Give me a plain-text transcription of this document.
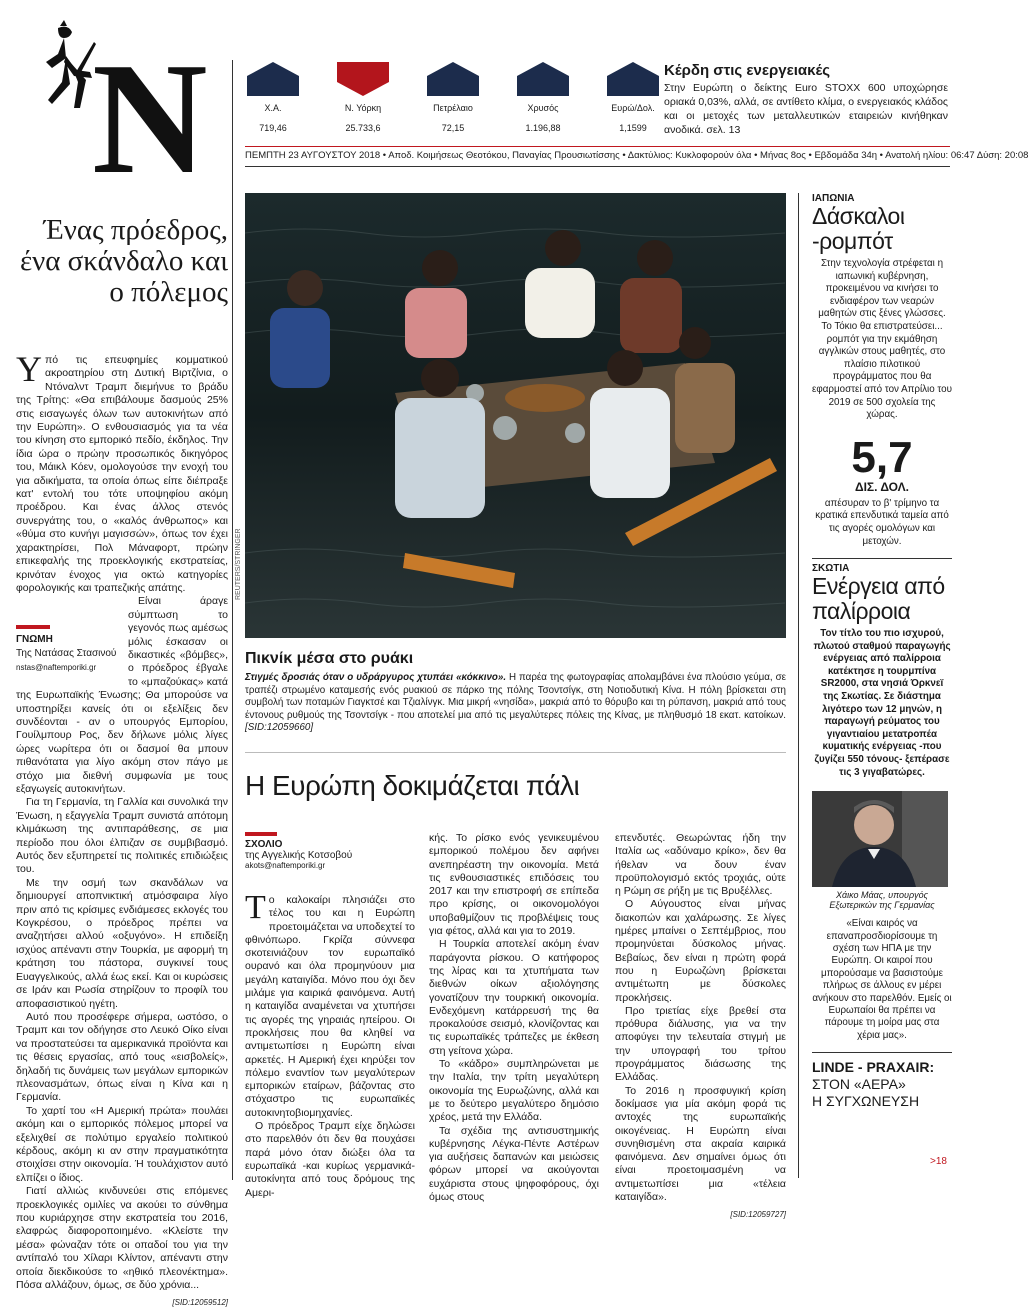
N	Χ.Α.
719,46
Ν. Υόρκη
25.733,6
Πετρέλαιο
72,15
Χρυσός
1.196,88
Ευρώ/Δολ.
1,1599
Κέρδη στις ενεργειακές

Στην Ευρώπη ο δείκτης Euro STOXX 600 υποχώρησε οριακά 0,03%, αλλά, σε αντίθετο κλίμα, ο ενεργειακός κλάδος και οι μετοχές των μεταλλευτικών εταιρειών κινήθηκαν ανοδικά. σελ. 13

ΠΕΜΠΤΗ 23 ΑΥΓΟΥΣΤΟΥ 2018 • Αποδ. Κοιμήσεως Θεοτόκου, Παναγίας Προυσιωτίσσης • Δακτύλιος: Κυκλοφορούν όλα • Μήνας 8ος • Εβδομάδα 34η • Ανατολή ηλίου: 06:47 Δύση: 20:08
Ένας πρόεδρος, ένα σκάνδαλο και ο πόλεμος

Υπό τις επευφημίες κομματικού ακροατηρίου στη Δυτική Βιρτζίνια, ο Ντόναλντ Τραμπ διεμήνυε το βράδυ της Τρίτης: «Θα επιβάλουμε δασμούς 25% στις εισαγωγές όλων των αυτοκινήτων από την Ευρώπη». Ο ενθουσιασμός για τα νέα του κίνηση στο εμπορικό πεδίο, έκδηλος. Την ίδια ώρα ο πρώην προσωπικός δικηγόρος του, Μάικλ Κόεν, ομολογούσε την ενοχή του για αδικήματα, τα οποία όπως είπε διέπραξε κατ' εντολή του τότε υποψηφίου ακόμη προέδρου. Και ένας άλλος στενός συνεργάτης του, ο «καλός άνθρωπος» και «θύμα στο κυνήγι μαγισσών», όπως τον έχει χαρακτηρίσει, Πολ Μάναφορτ, πρώην επικεφαλής της προεκλογικής εκστρατείας, κρινόταν ένοχος για οκτώ κατηγορίες φορολογικής και τραπεζικής απάτης.

ΓΝΩΜΗ
Της Νατάσας Στασινού
nstas@naftemporiki.gr

Είναι άραγε σύμπτωση το γεγονός πως αμέσως μόλις έσκασαν οι δικαστικές «βόμβες», ο πρόεδρος έβγαλε το «μπαζούκας» κατά της Ευρωπαϊκής Ένωσης; Θα μπορούσε να υποστηρίξει κανείς ότι οι εξελίξεις δεν συνδέονται - αν ο υπουργός Εμπορίου, Γουίλμπουρ Ρος, δεν δήλωνε μόλις λίγες ώρες νωρίτερα ότι οι δασμοί θα μπουν πιθανότατα για λίγο ακόμη στον πάγο με στόχο μια διεθνή συμφωνία με τους εξαγωγείς αυτοκινήτων.

Για τη Γερμανία, τη Γαλλία και συνολικά την Ένωση, η εξαγγελία Τραμπ συνιστά απότομη κλιμάκωση της αντιπαράθεσης, σε μια περίοδο που όλοι έλπιζαν σε συμβιβασμό. Αυτός δεν εξυπηρετεί τις πολιτικές επιδιώξεις του.

Με την οσμή των σκανδάλων να δημιουργεί αποπνικτική ατμόσφαιρα λίγο πριν από τις κρίσιμες ενδιάμεσες εκλογές του Κογκρέσου, ο πρόεδρος πρέπει να αναζητήσει αλλού «οξυγόνο». Η επιδείξη ισχύος απέναντι στην Τουρκία, με αφορμή τη κράτηση του πάστορα, συγκινεί τους Ευαγγελικούς, αλλά έως εκεί. Και οι κυρώσεις σε Ιράν και Ρωσία στηρίζουν το προφίλ του αποφασιστικού ηγέτη.

Αυτό που προσέφερε σήμερα, ωστόσο, ο Τραμπ και τον οδήγησε στο Λευκό Οίκο είναι να προστατεύσει τα αμερικανικά προϊόντα και τις θέσεις εργασίας, από τους «εισβολείς», δηλαδή τις δυνάμεις των μεγάλων εμπορικών πλεονασμάτων, όπως είναι η Κίνα και η Γερμανία.

Το χαρτί του «Η Αμερική πρώτα» πουλάει ακόμη και ο εμπορικός πόλεμος μπορεί να εξελιχθεί σε πολύτιμο εργαλείο πολιτικού κέρδους, ακόμη κι αν στην πραγματικότητα στοιχίσει στην οικονομία. Ή τουλάχιστον αυτό ελπίζει ο ίδιος.

Γιατί αλλιώς κινδυνεύει στις επόμενες προεκλογικές ομιλίες να ακούει το σύνθημα που κυριάρχησε στην εκστρατεία του 2016, ελαφρώς διαφοροποιημένο. «Κλείστε την μέσα» φώναζαν τότε οι οπαδοί του για την αντίπαλό του Χίλαρι Κλίντον, απέναντι στην οποία διεκδικούσε το «ηθικό πλεονέκτημα». Πόσα αλλάζουν, όμως, σε δύο χρόνια...

[SID:12059512]
REUTERS/STRINGER
Πικνίκ μέσα στο ρυάκι
Στιγμές δροσιάς όταν ο υδράργυρος χτυπάει «κόκκινο». Η παρέα της φωτογραφίας απολαμβάνει ένα πλούσιο γεύμα, σε τραπέζι στρωμένο καταμεσής ενός ρυακιού σε πάρκο της πόλης Τσοντσίγκ, στη Νοτιοδυτική Κίνα. Η πόλη βρίσκεται στη συμβολή των ποταμών Γιαγκτσέ και Τζιαλίνγκ. Μια μικρή «νησίδα», μακριά από το θόρυβο και τη ρύπανση, μακριά από τους έντονους ρυθμούς της Τσοντσίγκ - που αποτελεί μια από τις μεγαλύτερες πόλεις της Κίνας, με πληθυσμό 18 εκατ. κατοίκων. [SID:12059660]
Η Ευρώπη δοκιμάζεται πάλι
ΣΧΟΛΙΟ
της Αγγελικής Κοτσοβού
akots@naftemporiki.gr

Το καλοκαίρι πλησιάζει στο τέλος του και η Ευρώπη προετοιμάζεται να υποδεχτεί το φθινόπωρο. Γκρίζα σύννεφα σκοτεινιάζουν τον ευρωπαϊκό ουρανό και όλα προμηνύουν μια μεγάλη καταιγίδα. Μόνο που όχι δεν μιλάμε για καιρικά φαινόμενα. Αυτή η καταιγίδα αναμένεται να χτυπήσει τις αγορές της γηραιάς ηπείρου. Οι προκλήσεις που θα κληθεί να αντιμετωπίσει η Ευρώπη είναι αρκετές. Η Αμερική έχει κηρύξει τον πόλεμο εναντίον των μεγαλύτερων εμπορικών εταίρων, βάζοντας στο στόχαστρο τις ευρωπαϊκές αυτοκινητοβιομηχανίες.

Ο πρόεδρος Τραμπ είχε δηλώσει στο παρελθόν ότι δεν θα πουχάσει παρά μόνο όταν διώξει όλα τα ευρωπαϊκά -και κυρίως γερμανικά- αυτοκίνητα από τους δρόμους της Αμερι-

κής. Το ρίσκο ενός γενικευμένου εμπορικού πολέμου δεν αφήνει ανεπηρέαστη την οικονομία. Μετά τις ενθουσιαστικές επιδόσεις του 2017 και την επιστροφή σε επίπεδα προ κρίσης, οι οικονομολόγοι υποβαθμίζουν τις προβλέψεις τους για φέτος, αλλά και για το 2019.

Η Τουρκία αποτελεί ακόμη έναν παράγοντα ρίσκου. Ο κατήφορος της λίρας και τα χτυπήματα των διεθνών οίκων αξιολόγησης γονατίζουν την τουρκική οικονομία. Ενδεχόμενη κατάρρευσή της θα προκαλούσε σεισμό, κλονίζοντας και τις ευρωπαϊκές τράπεζες με έκθεση στη γείτονα χώρα.

Το «κάδρο» συμπληρώνεται με την Ιταλία, την τρίτη μεγαλύτερη οικονομία της Ευρωζώνης, αλλά και με το δεύτερο μεγαλύτερο δημόσιο χρέος, μετά την Ελλάδα.

Τα σχέδια της αντισυστημικής κυβέρνησης Λέγκα-Πέντε Αστέρων για αυξήσεις δαπανών και μειώσεις φόρων μπορεί να ακούγονται ευχάριστα στους ψηφοφόρους, όχι όμως στους

επενδυτές. Θεωρώντας ήδη την Ιταλία ως «αδύναμο κρίκο», δεν θα ήθελαν να δουν έναν προϋπολογισμό εκτός τροχιάς, ούτε η Ρώμη σε ρήξη με τις Βρυξέλλες.

Ο Αύγουστος είναι μήνας διακοπών και χαλάρωσης. Σε λίγες ημέρες μπαίνει ο Σεπτέμβριος, που προμηνύεται δύσκολος μήνας. Βεβαίως, δεν είναι η πρώτη φορά που η Ευρωζώνη βρίσκεται αντιμέτωπη με δύσκολες προκλήσεις.

Προ τριετίας είχε βρεθεί στα πρόθυρα διάλυσης, για να την αποφύγει την τελευταία στιγμή με την υπογραφή του τρίτου προγράμματος διάσωσης της Ελλάδας.

Το 2016 η προσφυγική κρίση δοκίμασε για μία ακόμη φορά τις αντοχές της ευρωπαϊκής οικογένειας. Η Ευρώπη είναι συνηθισμένη στα ακραία καιρικά φαινόμενα. Δεν σημαίνει όμως ότι είναι προετοιμασμένη να αντιμετωπίσει μια «τέλεια καταιγίδα».

[SID:12059727]
ΙΑΠΩΝΙΑ
Δάσκαλοι -ρομπότ
Στην τεχνολογία στρέφεται η ιαπωνική κυβέρνηση, προκειμένου να κινήσει το ενδιαφέρον των νεαρών μαθητών στις ξένες γλώσσες. Το Τόκιο θα επιστρατεύσει... ρομπότ για την εκμάθηση αγγλικών στους μαθητές, στο πλαίσιο πιλοτικού προγράμματος που θα εφαρμοστεί από τον Απρίλιο του 2019 σε 500 σχολεία της χώρας.
5,7
ΔΙΣ. ΔΟΛ.
απέσυραν το β' τρίμηνο τα κρατικά επενδυτικά ταμεία από τις αγορές ομολόγων και μετοχών.
ΣΚΩΤΙΑ
Ενέργεια από παλίρροια
Τον τίτλο του πιο ισχυρού, πλωτού σταθμού παραγωγής ενέργειας από παλίρροια κατέκτησε η τουρμπίνα SR2000, στα νησιά Όρκνεϊ της Σκωτίας. Σε διάστημα λιγότερο των 12 μηνών, η παραγωγή ρεύματος του γιγαντιαίου μετατροπέα κυματικής ενέργειας -που ζυγίζει 550 τόνους- ξεπέρασε τις 3 γιγαβατώρες.
Χάικο Μάας, υπουργός Εξωτερικών της Γερμανίας
«Είναι καιρός να επαναπροσδιορίσουμε τη σχέση των ΗΠΑ με την Ευρώπη. Οι καιροί που μπορούσαμε να βασιστούμε πλήρως σε άλλους εν μέρει ανήκουν στο παρελθόν. Εμείς οι Ευρωπαίοι θα πρέπει να πάρουμε τη μοίρα μας στα χέρια μας».
LINDE - PRAXAIR:
ΣΤΟΝ «ΑΕΡΑ»
Η ΣΥΓΧΩΝΕΥΣΗ
>18
